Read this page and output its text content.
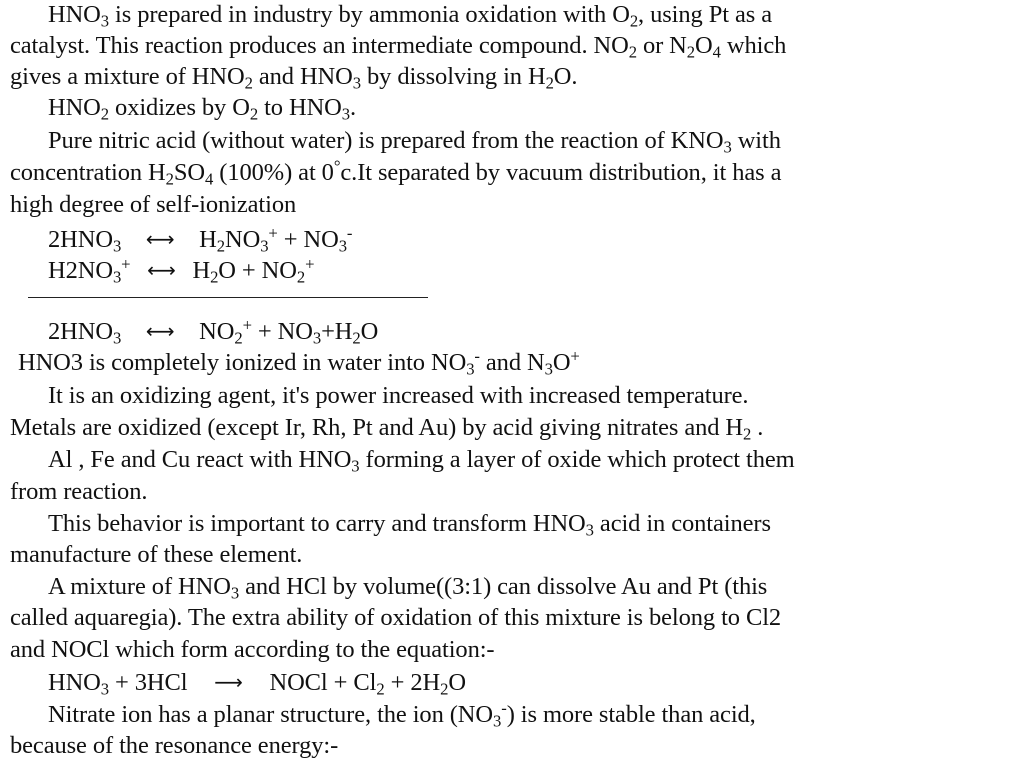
$HNO_3$ is prepared in industry by ammonia oxidation with $O_2$, using Pt as a
catalyst. This reaction produces an intermediate compound. $NO_2$ or $N_2O_4$ which
gives a mixture of $HNO_2$ and $HNO_3$ by dissolving in $H_2O$.
$HNO_2$ oxidizes by $O_2$ to $HNO_3$.
Pure nitric acid (without water) is prepared from the reaction of $KNO_3$ with
concentration $H_2SO_4$ (100%) at 0°c.It separated by vacuum distribution, it has a
high degree of self-ionization
$2HNO_3$ ⟷ $H_2NO_3^+ + NO_3^-$
$H2NO_3^+$ ⟷ $H_2O + NO_2^+$
$2HNO_3$ ⟷ $NO_2^+ + NO_3+H_2O$
HNO3 is completely ionized in water into $NO_3^-$ and $N_3O^+$
It is an oxidizing agent, it's power increased with increased temperature.
Metals are oxidized (except Ir, Rh, Pt and Au) by acid giving nitrates and $H_2$ .
Al , Fe and Cu react with $HNO_3$ forming a layer of oxide which protect them
from reaction.
This behavior is important to carry and transform $HNO_3$ acid in containers
manufacture of these element.
A mixture of $HNO_3$ and HCl by volume((3:1) can dissolve Au and Pt (this
called aquaregia). The extra ability of oxidation of this mixture is belong to Cl2
and NOCl which form according to the equation:-
$HNO_3 + 3HCl$ ⟶ NOCl + $Cl_2 + 2H_2O$
Nitrate ion has a planar structure, the ion $(NO_3^-)$ is more stable than acid,
because of the resonance energy:-
